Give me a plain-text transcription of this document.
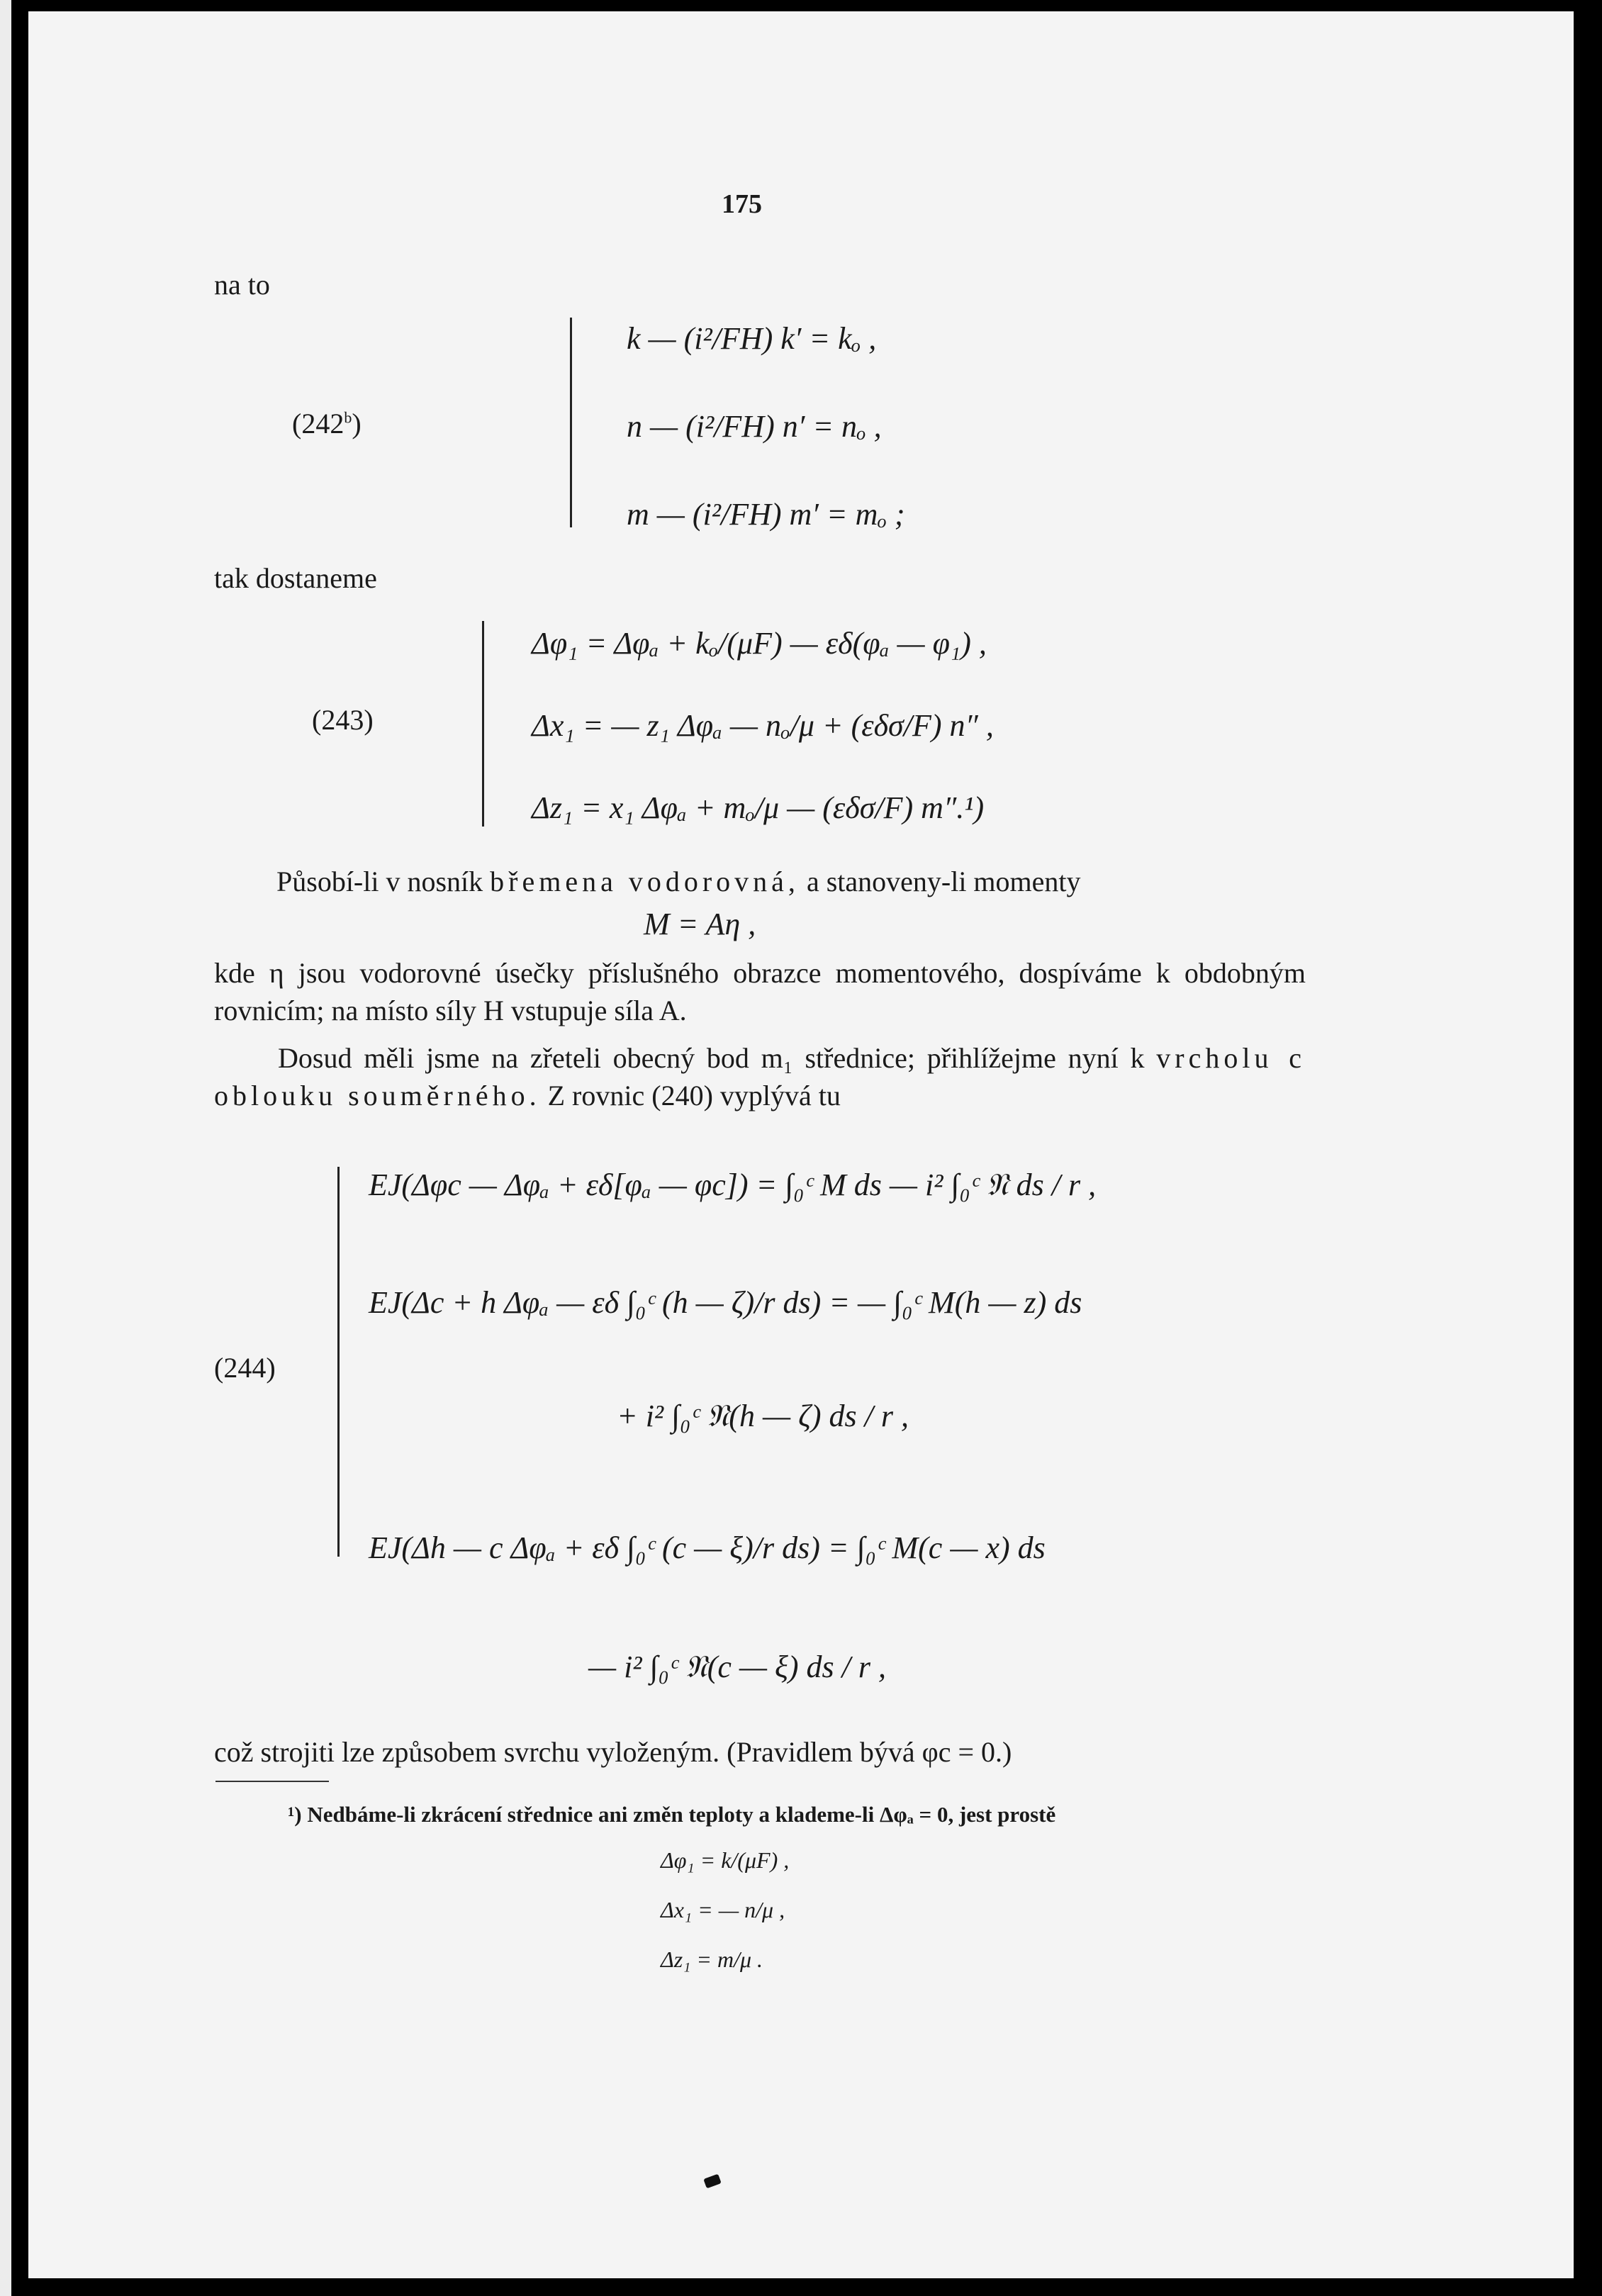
175
na to
(242$^b$)
k — (i²/FH) k′ = kₒ ,
n — (i²/FH) n′ = nₒ ,
m — (i²/FH) m′ = mₒ ;
tak dostaneme
(243)
Δφ₁ = Δφₐ + kₒ/(μF) — εδ(φₐ — φ₁) ,
Δx₁ = — z₁ Δφₐ — nₒ/μ + (εδσ/F) n″ ,
Δz₁ = x₁ Δφₐ + mₒ/μ — (εδσ/F) m″.¹)
Působí-li v nosník břemena vodorovná, a stanoveny-li momenty
M = Aη ,
kde η jsou vodorovné úsečky příslušného obrazce momentového, dospíváme k obdobným rovnicím; na místo síly H vstupuje síla A.
Dosud měli jsme na zřeteli obecný bod m₁ střednice; přihlížejme nyní k vrcholu c oblouku souměrného. Z rovnic (240) vyplývá tu
(244)
EJ(Δφc — Δφₐ + εδ[φₐ — φc]) = ∫₀ᶜ M ds — i² ∫₀ᶜ 𝔑 ds / r ,
EJ(Δc + h Δφₐ — εδ ∫₀ᶜ (h — ζ)/r ds) = — ∫₀ᶜ M(h — z) ds
+ i² ∫₀ᶜ 𝔑(h — ζ) ds / r ,
EJ(Δh — c Δφₐ + εδ ∫₀ᶜ (c — ξ)/r ds) = ∫₀ᶜ M(c — x) ds
— i² ∫₀ᶜ 𝔑(c — ξ) ds / r ,
což strojiti lze způsobem svrchu vyloženým. (Pravidlem bývá φc = 0.)
¹) Nedbáme-li zkrácení střednice ani změn teploty a klademe-li Δφₐ = 0, jest prostě
Δφ₁ = k/(μF) ,
Δx₁ = — n/μ ,
Δz₁ = m/μ .
